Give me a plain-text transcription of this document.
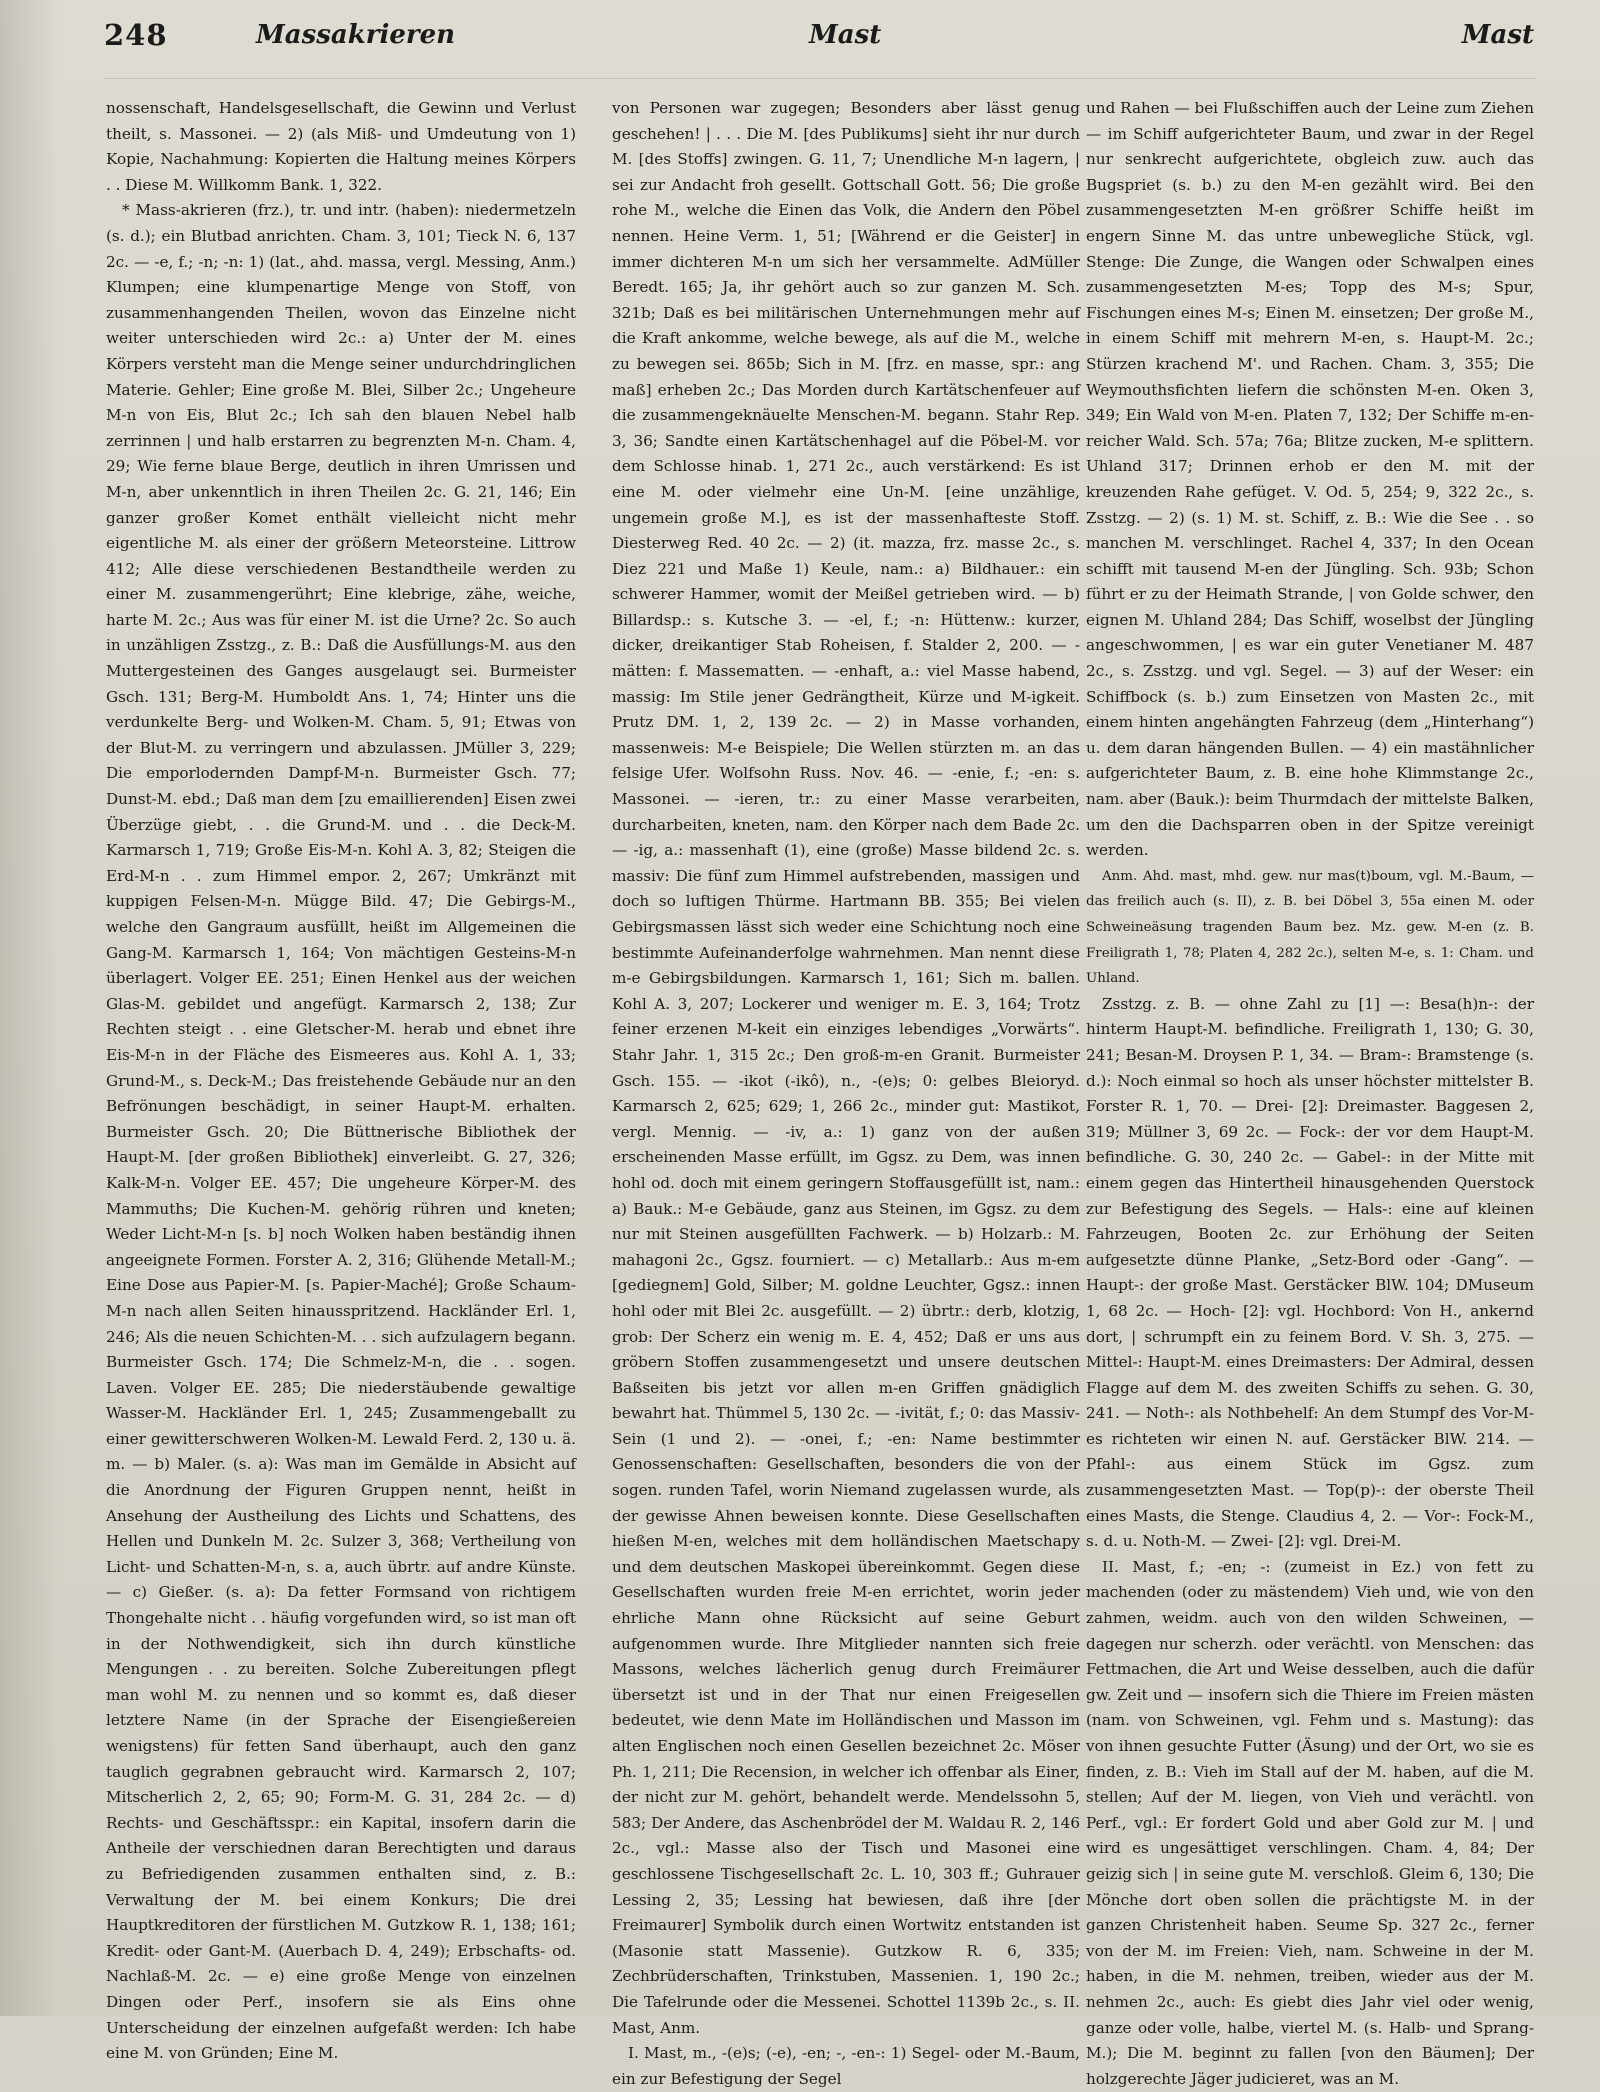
248	Massakrieren	Mast	Mast

nossenschaft, Handelsgesellschaft, die Gewinn und Verlust theilt, s. Massonei. — 2) (als Miß- und Umdeutung von 1) Kopie, Nachahmung: Kopierten die Haltung meines Körpers . . Diese M. Willkomm Bank. 1, 322.

* Mass-akrieren (frz.), tr. und intr. (haben): niedermetzeln (s. d.); ein Blutbad anrichten. Cham. 3, 101; Tieck N. 6, 137 2c. — -e, f.; -n; -n: 1) (lat., ahd. massa, vergl. Messing, Anm.) Klumpen; eine klumpenartige Menge von Stoff, von zusammenhangenden Theilen, wovon das Einzelne nicht weiter unterschieden wird 2c.: a) Unter der M. eines Körpers versteht man die Menge seiner undurchdringlichen Materie. Gehler; Eine große M. Blei, Silber 2c.; Ungeheure M-n von Eis, Blut 2c.; Ich sah den blauen Nebel halb zerrinnen | und halb erstarren zu begrenzten M-n. Cham. 4, 29; Wie ferne blaue Berge, deutlich in ihren Umrissen und M-n, aber unkenntlich in ihren Theilen 2c. G. 21, 146; Ein ganzer großer Komet enthält vielleicht nicht mehr eigentliche M. als einer der größern Meteorsteine. Littrow 412; Alle diese verschiedenen Bestandtheile werden zu einer M. zusammengerührt; Eine klebrige, zähe, weiche, harte M. 2c.; Aus was für einer M. ist die Urne? 2c. So auch in unzähligen Zsstzg., z. B.: Daß die Ausfüllungs-M. aus den Muttergesteinen des Ganges ausgelaugt sei. Burmeister Gsch. 131; Berg-M. Humboldt Ans. 1, 74; Hinter uns die verdunkelte Berg- und Wolken-M. Cham. 5, 91; Etwas von der Blut-M. zu verringern und abzulassen. JMüller 3, 229; Die emporlodernden Dampf-M-n. Burmeister Gsch. 77; Dunst-M. ebd.; Daß man dem [zu emaillierenden] Eisen zwei Überzüge giebt, . . die Grund-M. und . . die Deck-M. Karmarsch 1, 719; Große Eis-M-n. Kohl A. 3, 82; Steigen die Erd-M-n . . zum Himmel empor. 2, 267; Umkränzt mit kuppigen Felsen-M-n. Mügge Bild. 47; Die Gebirgs-M., welche den Gangraum ausfüllt, heißt im Allgemeinen die Gang-M. Karmarsch 1, 164; Von mächtigen Gesteins-M-n überlagert. Volger EE. 251; Einen Henkel aus der weichen Glas-M. gebildet und angefügt. Karmarsch 2, 138; Zur Rechten steigt . . eine Gletscher-M. herab und ebnet ihre Eis-M-n in der Fläche des Eismeeres aus. Kohl A. 1, 33; Grund-M., s. Deck-M.; Das freistehende Gebäude nur an den Befrönungen beschädigt, in seiner Haupt-M. erhalten. Burmeister Gsch. 20; Die Büttnerische Bibliothek der Haupt-M. [der großen Bibliothek] einverleibt. G. 27, 326; Kalk-M-n. Volger EE. 457; Die ungeheure Körper-M. des Mammuths; Die Kuchen-M. gehörig rühren und kneten; Weder Licht-M-n [s. b] noch Wolken haben beständig ihnen angeeignete Formen. Forster A. 2, 316; Glühende Metall-M.; Eine Dose aus Papier-M. [s. Papier-Maché]; Große Schaum-M-n nach allen Seiten hinausspritzend. Hackländer Erl. 1, 246; Als die neuen Schichten-M. . . sich aufzulagern begann. Burmeister Gsch. 174; Die Schmelz-M-n, die . . sogen. Laven. Volger EE. 285; Die niederstäubende gewaltige Wasser-M. Hackländer Erl. 1, 245; Zusammengeballt zu einer gewitterschweren Wolken-M. Lewald Ferd. 2, 130 u. ä. m. — b) Maler. (s. a): Was man im Gemälde in Absicht auf die Anordnung der Figuren Gruppen nennt, heißt in Ansehung der Austheilung des Lichts und Schattens, des Hellen und Dunkeln M. 2c. Sulzer 3, 368; Vertheilung von Licht- und Schatten-M-n, s. a, auch übrtr. auf andre Künste. — c) Gießer. (s. a): Da fetter Formsand von richtigem Thongehalte nicht . . häufig vorgefunden wird, so ist man oft in der Nothwendigkeit, sich ihn durch künstliche Mengungen . . zu bereiten. Solche Zubereitungen pflegt man wohl M. zu nennen und so kommt es, daß dieser letztere Name (in der Sprache der Eisengießereien wenigstens) für fetten Sand überhaupt, auch den ganz tauglich gegrabnen gebraucht wird. Karmarsch 2, 107; Mitscherlich 2, 2, 65; 90; Form-M. G. 31, 284 2c. — d) Rechts- und Geschäftsspr.: ein Kapital, insofern darin die Antheile der verschiednen daran Berechtigten und daraus zu Befriedigenden zusammen enthalten sind, z. B.: Verwaltung der M. bei einem Konkurs; Die drei Hauptkreditoren der fürstlichen M. Gutzkow R. 1, 138; 161; Kredit- oder Gant-M. (Auerbach D. 4, 249); Erbschafts- od. Nachlaß-M. 2c. — e) eine große Menge von einzelnen Dingen oder Perf., insofern sie als Eins ohne Unterscheidung der einzelnen aufgefaßt werden: Ich habe eine M. von Gründen; Eine M.

von Personen war zugegen; Besonders aber lässt genug geschehen! | . . . Die M. [des Publikums] sieht ihr nur durch M. [des Stoffs] zwingen. G. 11, 7; Unendliche M-n lagern, | sei zur Andacht froh gesellt. Gottschall Gott. 56; Die große rohe M., welche die Einen das Volk, die Andern den Pöbel nennen. Heine Verm. 1, 51; [Während er die Geister] in immer dichteren M-n um sich her versammelte. AdMüller Beredt. 165; Ja, ihr gehört auch so zur ganzen M. Sch. 321b; Daß es bei militärischen Unternehmungen mehr auf die Kraft ankomme, welche bewege, als auf die M., welche zu bewegen sei. 865b; Sich in M. [frz. en masse, spr.: ang maß] erheben 2c.; Das Morden durch Kartätschenfeuer auf die zusammengeknäuelte Menschen-M. begann. Stahr Rep. 3, 36; Sandte einen Kartätschenhagel auf die Pöbel-M. vor dem Schlosse hinab. 1, 271 2c., auch verstärkend: Es ist eine M. oder vielmehr eine Un-M. [eine unzählige, ungemein große M.], es ist der massenhafteste Stoff. Diesterweg Red. 40 2c. — 2) (it. mazza, frz. masse 2c., s. Diez 221 und Maße 1) Keule, nam.: a) Bildhauer.: ein schwerer Hammer, womit der Meißel getrieben wird. — b) Billardsp.: s. Kutsche 3. — -el, f.; -n: Hüttenw.: kurzer, dicker, dreikantiger Stab Roheisen, f. Stalder 2, 200. — -mätten: f. Massematten. — -enhaft, a.: viel Masse habend, massig: Im Stile jener Gedrängtheit, Kürze und M-igkeit. Prutz DM. 1, 2, 139 2c. — 2) in Masse vorhanden, massenweis: M-e Beispiele; Die Wellen stürzten m. an das felsige Ufer. Wolfsohn Russ. Nov. 46. — -enie, f.; -en: s. Massonei. — -ieren, tr.: zu einer Masse verarbeiten, durcharbeiten, kneten, nam. den Körper nach dem Bade 2c. — -ig, a.: massenhaft (1), eine (große) Masse bildend 2c. s. massiv: Die fünf zum Himmel aufstrebenden, massigen und doch so luftigen Thürme. Hartmann BB. 355; Bei vielen Gebirgsmassen lässt sich weder eine Schichtung noch eine bestimmte Aufeinanderfolge wahrnehmen. Man nennt diese m-e Gebirgsbildungen. Karmarsch 1, 161; Sich m. ballen. Kohl A. 3, 207; Lockerer und weniger m. E. 3, 164; Trotz feiner erzenen M-keit ein einziges lebendiges „Vorwärts“. Stahr Jahr. 1, 315 2c.; Den groß-m-en Granit. Burmeister Gsch. 155. — -ikot (-ikô), n., -(e)s; 0: gelbes Bleioryd. Karmarsch 2, 625; 629; 1, 266 2c., minder gut: Mastikot, vergl. Mennig. — -iv, a.: 1) ganz von der außen erscheinenden Masse erfüllt, im Ggsz. zu Dem, was innen hohl od. doch mit einem geringern Stoffausgefüllt ist, nam.: a) Bauk.: M-e Gebäude, ganz aus Steinen, im Ggsz. zu dem nur mit Steinen ausgefüllten Fachwerk. — b) Holzarb.: M. mahagoni 2c., Ggsz. fourniert. — c) Metallarb.: Aus m-em [gediegnem] Gold, Silber; M. goldne Leuchter, Ggsz.: innen hohl oder mit Blei 2c. ausgefüllt. — 2) übrtr.: derb, klotzig, grob: Der Scherz ein wenig m. E. 4, 452; Daß er uns aus gröbern Stoffen zusammengesetzt und unsere deutschen Baßseiten bis jetzt vor allen m-en Griffen gnädiglich bewahrt hat. Thümmel 5, 130 2c. — -ivität, f.; 0: das Massiv-Sein (1 und 2). — -onei, f.; -en: Name bestimmter Genossenschaften: Gesellschaften, besonders die von der sogen. runden Tafel, worin Niemand zugelassen wurde, als der gewisse Ahnen beweisen konnte. Diese Gesellschaften hießen M-en, welches mit dem holländischen Maetschapy und dem deutschen Maskopei übereinkommt. Gegen diese Gesellschaften wurden freie M-en errichtet, worin jeder ehrliche Mann ohne Rücksicht auf seine Geburt aufgenommen wurde. Ihre Mitglieder nannten sich freie Massons, welches lächerlich genug durch Freimäurer übersetzt ist und in der That nur einen Freigesellen bedeutet, wie denn Mate im Holländischen und Masson im alten Englischen noch einen Gesellen bezeichnet 2c. Möser Ph. 1, 211; Die Recension, in welcher ich offenbar als Einer, der nicht zur M. gehört, behandelt werde. Mendelssohn 5, 583; Der Andere, das Aschenbrödel der M. Waldau R. 2, 146 2c., vgl.: Masse also der Tisch und Masonei eine geschlossene Tischgesellschaft 2c. L. 10, 303 ff.; Guhrauer Lessing 2, 35; Lessing hat bewiesen, daß ihre [der Freimaurer] Symbolik durch einen Wortwitz entstanden ist (Masonie statt Massenie). Gutzkow R. 6, 335; Zechbrüderschaften, Trinkstuben, Massenien. 1, 190 2c.; Die Tafelrunde oder die Messenei. Schottel 1139b 2c., s. II. Mast, Anm.

I. Mast, m., -(e)s; (-e), -en; -, -en-: 1) Segel- oder M.-Baum, ein zur Befestigung der Segel

und Rahen — bei Flußschiffen auch der Leine zum Ziehen — im Schiff aufgerichteter Baum, und zwar in der Regel nur senkrecht aufgerichtete, obgleich zuw. auch das Bugspriet (s. b.) zu den M-en gezählt wird. Bei den zusammengesetzten M-en größrer Schiffe heißt im engern Sinne M. das untre unbewegliche Stück, vgl. Stenge: Die Zunge, die Wangen oder Schwalpen eines zusammengesetzten M-es; Topp des M-s; Spur, Fischungen eines M-s; Einen M. einsetzen; Der große M., in einem Schiff mit mehrern M-en, s. Haupt-M. 2c.; Stürzen krachend M'. und Rachen. Cham. 3, 355; Die Weymouthsfichten liefern die schönsten M-en. Oken 3, 349; Ein Wald von M-en. Platen 7, 132; Der Schiffe m-en-reicher Wald. Sch. 57a; 76a; Blitze zucken, M-e splittern. Uhland 317; Drinnen erhob er den M. mit der kreuzenden Rahe gefüget. V. Od. 5, 254; 9, 322 2c., s. Zsstzg. — 2) (s. 1) M. st. Schiff, z. B.: Wie die See . . so manchen M. verschlinget. Rachel 4, 337; In den Ocean schifft mit tausend M-en der Jüngling. Sch. 93b; Schon führt er zu der Heimath Strande, | von Golde schwer, den eignen M. Uhland 284; Das Schiff, woselbst der Jüngling angeschwommen, | es war ein guter Venetianer M. 487 2c., s. Zsstzg. und vgl. Segel. — 3) auf der Weser: ein Schiffbock (s. b.) zum Einsetzen von Masten 2c., mit einem hinten angehängten Fahrzeug (dem „Hinterhang“) u. dem daran hängenden Bullen. — 4) ein mastähnlicher aufgerichteter Baum, z. B. eine hohe Klimmstange 2c., nam. aber (Bauk.): beim Thurmdach der mittelste Balken, um den die Dachsparren oben in der Spitze vereinigt werden.

Anm. Ahd. mast, mhd. gew. nur mas(t)boum, vgl. M.-Baum, — das freilich auch (s. II), z. B. bei Döbel 3, 55a einen M. oder Schweineäsung tragenden Baum bez. Mz. gew. M-en (z. B. Freiligrath 1, 78; Platen 4, 282 2c.), selten M-e, s. 1: Cham. und Uhland.

Zsstzg. z. B. — ohne Zahl zu [1] —: Besa(h)n-: der hinterm Haupt-M. befindliche. Freiligrath 1, 130; G. 30, 241; Besan-M. Droysen P. 1, 34. — Bram-: Bramstenge (s. d.): Noch einmal so hoch als unser höchster mittelster B. Forster R. 1, 70. — Drei- [2]: Dreimaster. Baggesen 2, 319; Müllner 3, 69 2c. — Fock-: der vor dem Haupt-M. befindliche. G. 30, 240 2c. — Gabel-: in der Mitte mit einem gegen das Hintertheil hinausgehenden Querstock zur Befestigung des Segels. — Hals-: eine auf kleinen Fahrzeugen, Booten 2c. zur Erhöhung der Seiten aufgesetzte dünne Planke, „Setz-Bord oder -Gang“. — Haupt-: der große Mast. Gerstäcker BlW. 104; DMuseum 1, 68 2c. — Hoch- [2]: vgl. Hochbord: Von H., ankernd dort, | schrumpft ein zu feinem Bord. V. Sh. 3, 275. — Mittel-: Haupt-M. eines Dreimasters: Der Admiral, dessen Flagge auf dem M. des zweiten Schiffs zu sehen. G. 30, 241. — Noth-: als Nothbehelf: An dem Stumpf des Vor-M-es richteten wir einen N. auf. Gerstäcker BlW. 214. — Pfahl-: aus einem Stück im Ggsz. zum zusammengesetzten Mast. — Top(p)-: der oberste Theil eines Masts, die Stenge. Claudius 4, 2. — Vor-: Fock-M., s. d. u. Noth-M. — Zwei- [2]: vgl. Drei-M.

II. Mast, f.; -en; -: (zumeist in Ez.) von fett zu machenden (oder zu mästendem) Vieh und, wie von den zahmen, weidm. auch von den wilden Schweinen, — dagegen nur scherzh. oder verächtl. von Menschen: das Fettmachen, die Art und Weise desselben, auch die dafür gw. Zeit und — insofern sich die Thiere im Freien mästen (nam. von Schweinen, vgl. Fehm und s. Mastung): das von ihnen gesuchte Futter (Äsung) und der Ort, wo sie es finden, z. B.: Vieh im Stall auf der M. haben, auf die M. stellen; Auf der M. liegen, von Vieh und verächtl. von Perf., vgl.: Er fordert Gold und aber Gold zur M. | und wird es ungesättiget verschlingen. Cham. 4, 84; Der geizig sich | in seine gute M. verschloß. Gleim 6, 130; Die Mönche dort oben sollen die prächtigste M. in der ganzen Christenheit haben. Seume Sp. 327 2c., ferner von der M. im Freien: Vieh, nam. Schweine in der M. haben, in die M. nehmen, treiben, wieder aus der M. nehmen 2c., auch: Es giebt dies Jahr viel oder wenig, ganze oder volle, halbe, viertel M. (s. Halb- und Sprang-M.); Die M. beginnt zu fallen [von den Bäumen]; Der holzgerechte Jäger judicieret, was an M.
